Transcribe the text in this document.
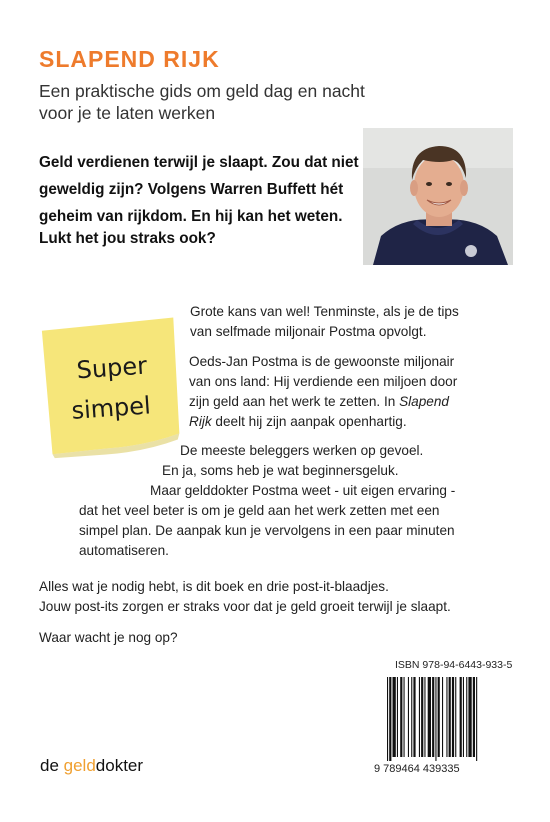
SLAPEND RIJK
Een praktische gids om geld dag en nacht
voor je te laten werken
Geld verdienen terwijl je slaapt. Zou dat niet
geweldig zijn? Volgens Warren Buffett hét
geheim van rijkdom. En hij kan het weten.
Lukt het jou straks ook?
Super
simpel
Grote kans van wel! Tenminste, als je de tips
van selfmade miljonair Postma opvolgt.
Oeds-Jan Postma is de gewoonste miljonair
van ons land: Hij verdiende een miljoen door
zijn geld aan het werk te zetten. In Slapend
Rijk deelt hij zijn aanpak openhartig.
De meeste beleggers werken op gevoel.
En ja, soms heb je wat beginnersgeluk.
Maar gelddokter Postma weet - uit eigen ervaring -
dat het veel beter is om je geld aan het werk zetten met een
simpel plan. De aanpak kun je vervolgens in een paar minuten
automatiseren.
Alles wat je nodig hebt, is dit boek en drie post-it-blaadjes.
Jouw post-its zorgen er straks voor dat je geld groeit terwijl je slaapt.
Waar wacht je nog op?
ISBN 978-94-6443-933-5
9 789464 439335
de gelddokter
